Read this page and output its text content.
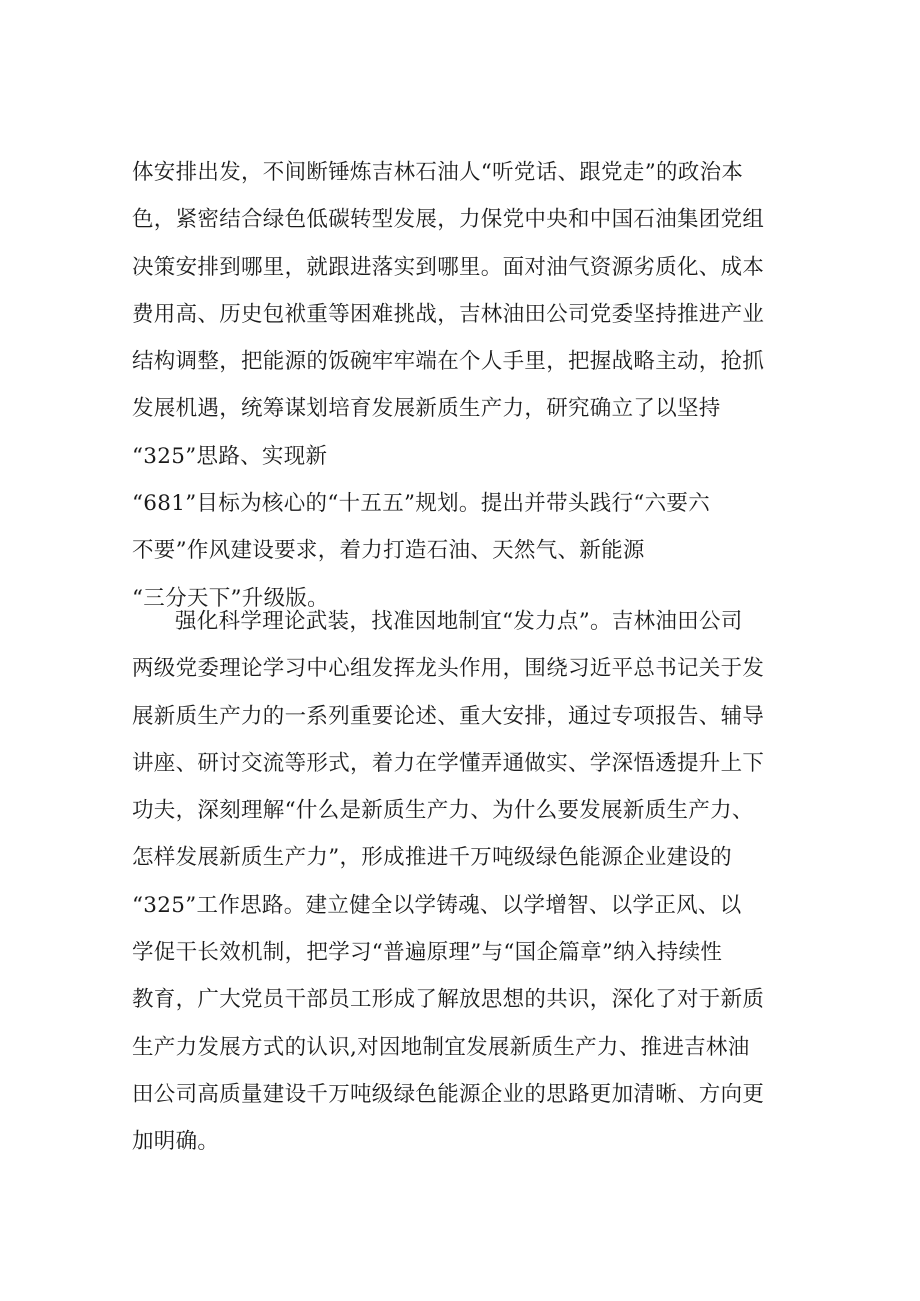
体安排出发，不间断锤炼吉林石油人“听党话、跟党走”的政治本
色，紧密结合绿色低碳转型发展，力保党中央和中国石油集团党组
决策安排到哪里，就跟进落实到哪里。面对油气资源劣质化、成本
费用高、历史包袱重等困难挑战，吉林油田公司党委坚持推进产业
结构调整，把能源的饭碗牢牢端在个人手里，把握战略主动，抢抓
发展机遇，统筹谋划培育发展新质生产力，研究确立了以坚持
“325”思路、实现新
“681”目标为核心的“十五五”规划。提出并带头践行“六要六
不要”作风建设要求，着力打造石油、天然气、新能源
“三分天下”升级版。
强化科学理论武装，找准因地制宜“发力点”。吉林油田公司
两级党委理论学习中心组发挥龙头作用，围绕习近平总书记关于发
展新质生产力的一系列重要论述、重大安排，通过专项报告、辅导
讲座、研讨交流等形式，着力在学懂弄通做实、学深悟透提升上下
功夫，深刻理解“什么是新质生产力、为什么要发展新质生产力、
怎样发展新质生产力”，形成推进千万吨级绿色能源企业建设的
“325”工作思路。建立健全以学铸魂、以学增智、以学正风、以
学促干长效机制，把学习“普遍原理”与“国企篇章”纳入持续性
教育，广大党员干部员工形成了解放思想的共识，深化了对于新质
生产力发展方式的认识,对因地制宜发展新质生产力、推进吉林油
田公司高质量建设千万吨级绿色能源企业的思路更加清晰、方向更
加明确。
